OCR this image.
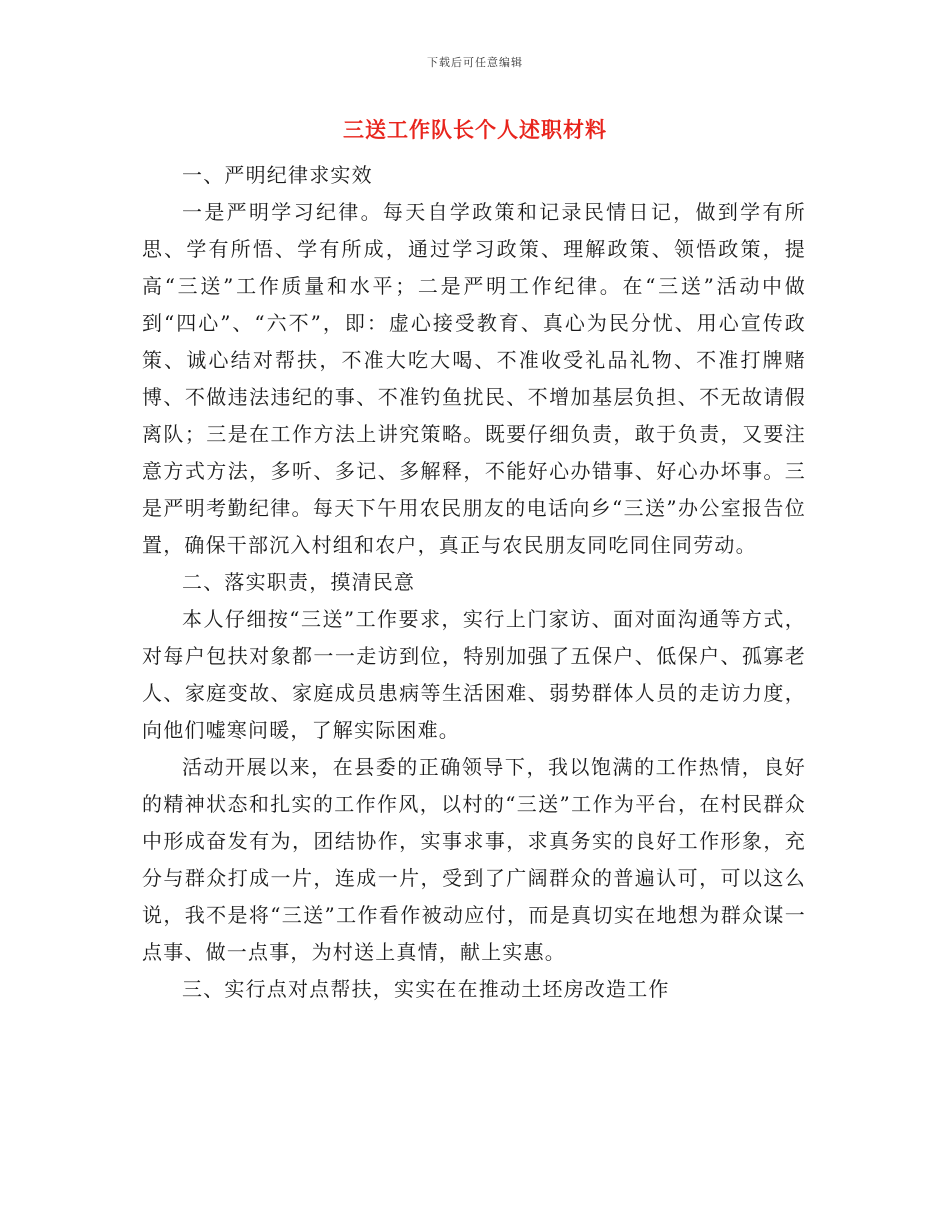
下载后可任意编辑
三送工作队长个人述职材料

一、严明纪律求实效

一是严明学习纪律。每天自学政策和记录民情日记，做到学有所思、学有所悟、学有所成，通过学习政策、理解政策、领悟政策，提高“三送”工作质量和水平；二是严明工作纪律。在“三送”活动中做到“四心”、“六不”，即：虚心接受教育、真心为民分忧、用心宣传政策、诚心结对帮扶，不准大吃大喝、不准收受礼品礼物、不准打牌赌博、不做违法违纪的事、不准钓鱼扰民、不增加基层负担、不无故请假离队；三是在工作方法上讲究策略。既要仔细负责，敢于负责，又要注意方式方法，多听、多记、多解释，不能好心办错事、好心办坏事。三是严明考勤纪律。每天下午用农民朋友的电话向乡“三送”办公室报告位置，确保干部沉入村组和农户，真正与农民朋友同吃同住同劳动。

二、落实职责，摸清民意

本人仔细按“三送”工作要求，实行上门家访、面对面沟通等方式，对每户包扶对象都一一走访到位，特别加强了五保户、低保户、孤寡老人、家庭变故、家庭成员患病等生活困难、弱势群体人员的走访力度，向他们嘘寒问暖，了解实际困难。

活动开展以来，在县委的正确领导下，我以饱满的工作热情，良好的精神状态和扎实的工作作风，以村的“三送”工作为平台，在村民群众中形成奋发有为，团结协作，实事求事，求真务实的良好工作形象，充分与群众打成一片，连成一片，受到了广阔群众的普遍认可，可以这么说，我不是将“三送”工作看作被动应付，而是真切实在地想为群众谋一点事、做一点事，为村送上真情，献上实惠。

三、实行点对点帮扶，实实在在推动土坯房改造工作
